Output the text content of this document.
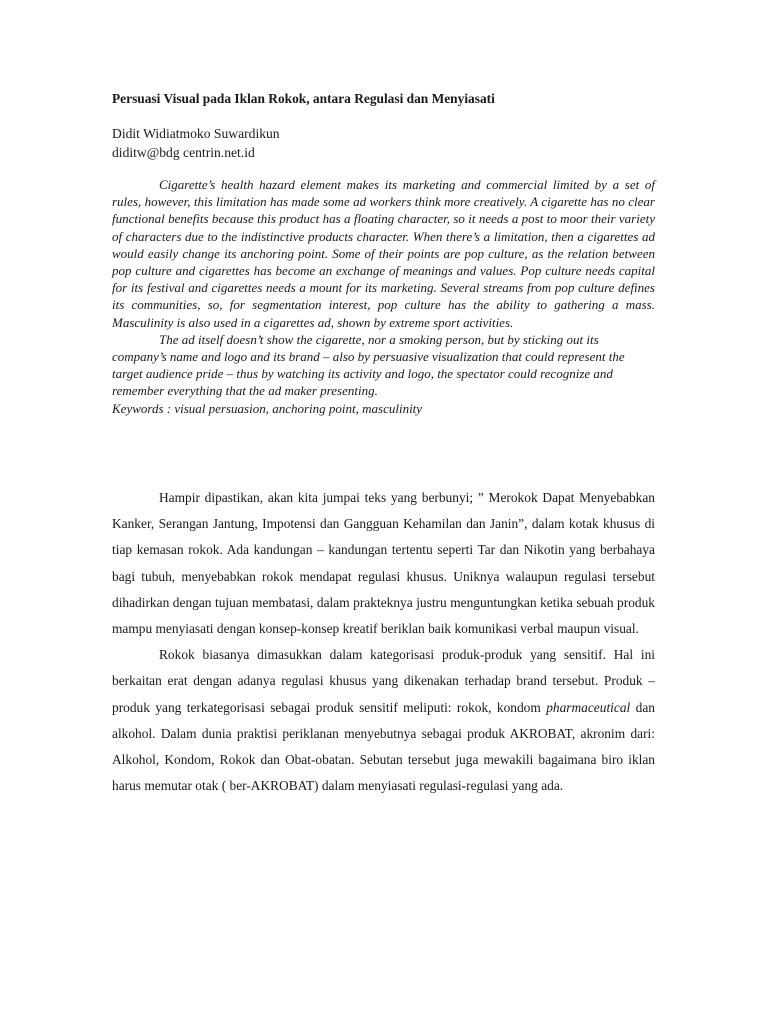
Persuasi Visual pada Iklan Rokok, antara Regulasi dan Menyiasati
Didit Widiatmoko Suwardikun
diditw@bdg centrin.net.id

Cigarette’s health hazard element makes its marketing and commercial limited by a set of rules, however, this limitation has made some ad workers think more creatively. A cigarette has no clear functional benefits because this product has a floating character, so it needs a post to moor their variety of characters due to the indistinctive products character. When there’s a limitation, then a cigarettes ad would easily change its anchoring point. Some of their points are pop culture, as the relation between pop culture and cigarettes has become an exchange of meanings and values. Pop culture needs capital for its festival and cigarettes needs a mount for its marketing. Several streams from pop culture defines its communities, so, for segmentation interest, pop culture has the ability to gathering a mass. Masculinity is also used in a cigarettes ad, shown by extreme sport activities.

The ad itself doesn’t show the cigarette, nor a smoking person, but by sticking out its company’s name and logo and its brand – also by persuasive visualization that could represent the target audience pride – thus by watching its activity and logo, the spectator could recognize and remember everything that the ad maker presenting.

Keywords : visual persuasion, anchoring point, masculinity

Hampir dipastikan, akan kita jumpai teks yang berbunyi; ” Merokok Dapat Menyebabkan Kanker, Serangan Jantung, Impotensi dan Gangguan Kehamilan dan Janin”, dalam kotak khusus di tiap kemasan rokok. Ada kandungan – kandungan tertentu seperti Tar dan Nikotin yang berbahaya bagi tubuh, menyebabkan rokok mendapat regulasi khusus. Uniknya walaupun regulasi tersebut dihadirkan dengan tujuan membatasi, dalam prakteknya justru menguntungkan ketika sebuah produk mampu menyiasati dengan konsep-konsep kreatif beriklan baik komunikasi verbal maupun visual.

Rokok biasanya dimasukkan dalam kategorisasi produk-produk yang sensitif. Hal ini berkaitan erat dengan adanya regulasi khusus yang dikenakan terhadap brand tersebut. Produk – produk yang terkategorisasi sebagai produk sensitif meliputi: rokok, kondom pharmaceutical dan alkohol. Dalam dunia praktisi periklanan menyebutnya sebagai produk AKROBAT, akronim dari: Alkohol, Kondom, Rokok dan Obat-obatan. Sebutan tersebut juga mewakili bagaimana biro iklan harus memutar otak ( ber-AKROBAT) dalam menyiasati regulasi-regulasi yang ada.
